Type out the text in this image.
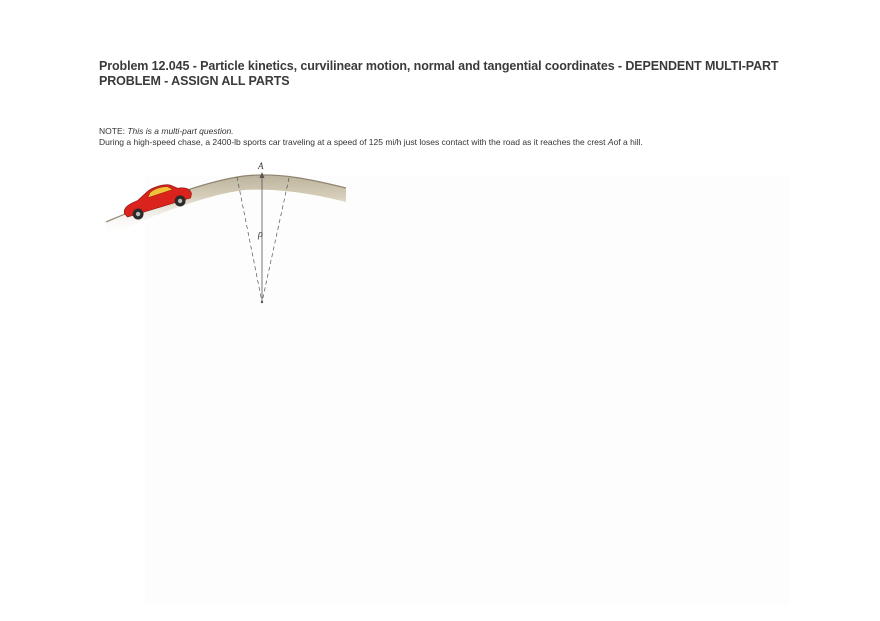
Problem 12.045 - Particle kinetics, curvilinear motion, normal and tangential coordinates - DEPENDENT MULTI-PART PROBLEM - ASSIGN ALL PARTS
NOTE: This is a multi-part question.
During a high-speed chase, a 2400-lb sports car traveling at a speed of 125 mi/h just loses contact with the road as it reaches the crest Aof a hill.
A
ρ
